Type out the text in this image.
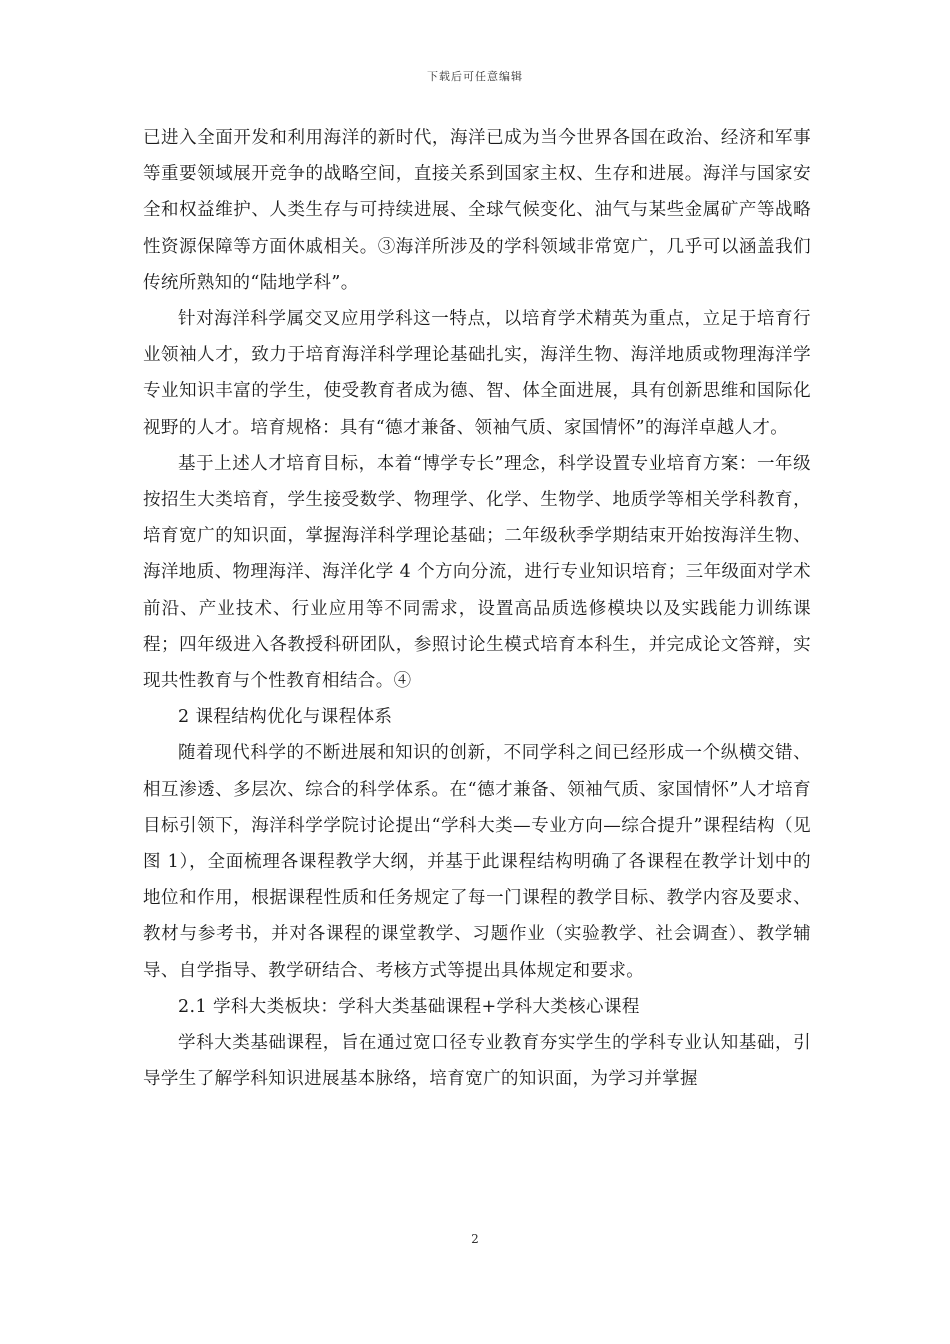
下载后可任意编辑

已进入全面开发和利用海洋的新时代，海洋已成为当今世界各国在政治、经济和军事等重要领域展开竞争的战略空间，直接关系到国家主权、生存和进展。海洋与国家安全和权益维护、人类生存与可持续进展、全球气候变化、油气与某些金属矿产等战略性资源保障等方面休戚相关。③海洋所涉及的学科领域非常宽广，几乎可以涵盖我们传统所熟知的“陆地学科”。

针对海洋科学属交叉应用学科这一特点，以培育学术精英为重点，立足于培育行业领袖人才，致力于培育海洋科学理论基础扎实，海洋生物、海洋地质或物理海洋学专业知识丰富的学生，使受教育者成为德、智、体全面进展，具有创新思维和国际化视野的人才。培育规格：具有“德才兼备、领袖气质、家国情怀”的海洋卓越人才。

基于上述人才培育目标，本着“博学专长”理念，科学设置专业培育方案：一年级按招生大类培育，学生接受数学、物理学、化学、生物学、地质学等相关学科教育，培育宽广的知识面，掌握海洋科学理论基础；二年级秋季学期结束开始按海洋生物、海洋地质、物理海洋、海洋化学 4 个方向分流，进行专业知识培育；三年级面对学术前沿、产业技术、行业应用等不同需求，设置高品质选修模块以及实践能力训练课程；四年级进入各教授科研团队，参照讨论生模式培育本科生，并完成论文答辩，实现共性教育与个性教育相结合。④

2 课程结构优化与课程体系

随着现代科学的不断进展和知识的创新，不同学科之间已经形成一个纵横交错、相互渗透、多层次、综合的科学体系。在“德才兼备、领袖气质、家国情怀”人才培育目标引领下，海洋科学学院讨论提出“学科大类—专业方向—综合提升”课程结构（见图 1），全面梳理各课程教学大纲，并基于此课程结构明确了各课程在教学计划中的地位和作用，根据课程性质和任务规定了每一门课程的教学目标、教学内容及要求、教材与参考书，并对各课程的课堂教学、习题作业（实验教学、社会调查）、教学辅导、自学指导、教学研结合、考核方式等提出具体规定和要求。

2.1 学科大类板块：学科大类基础课程+学科大类核心课程

学科大类基础课程，旨在通过宽口径专业教育夯实学生的学科专业认知基础，引导学生了解学科知识进展基本脉络，培育宽广的知识面，为学习并掌握

2
